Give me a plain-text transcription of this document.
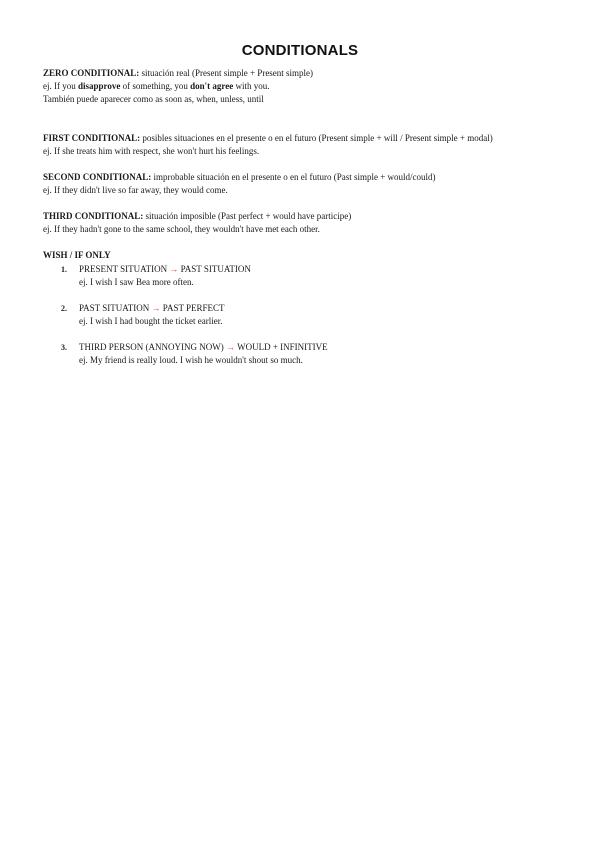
CONDITIONALS
ZERO CONDITIONAL: situación real (Present simple + Present simple)
ej. If you disapprove of something, you don't agree with you.
También puede aparecer como as soon as, when, unless, until
FIRST CONDITIONAL: posibles situaciones en el presente o en el futuro (Present simple + will / Present simple + modal)
ej. If she treats him with respect, she won't hurt his feelings.
SECOND CONDITIONAL: improbable situación en el presente o en el futuro (Past simple + would/could)
ej. If they didn't live so far away, they would come.
THIRD CONDITIONAL: situación imposible (Past perfect + would have participe)
ej. If they hadn't gone to the same school, they wouldn't have met each other.
WISH / IF ONLY
1. PRESENT SITUATION → PAST SITUATION
ej. I wish I saw Bea more often.
2. PAST SITUATION → PAST PERFECT
ej. I wish I had bought the ticket earlier.
3. THIRD PERSON (ANNOYING NOW) → WOULD + INFINITIVE
ej. My friend is really loud. I wish he wouldn't shout so much.
